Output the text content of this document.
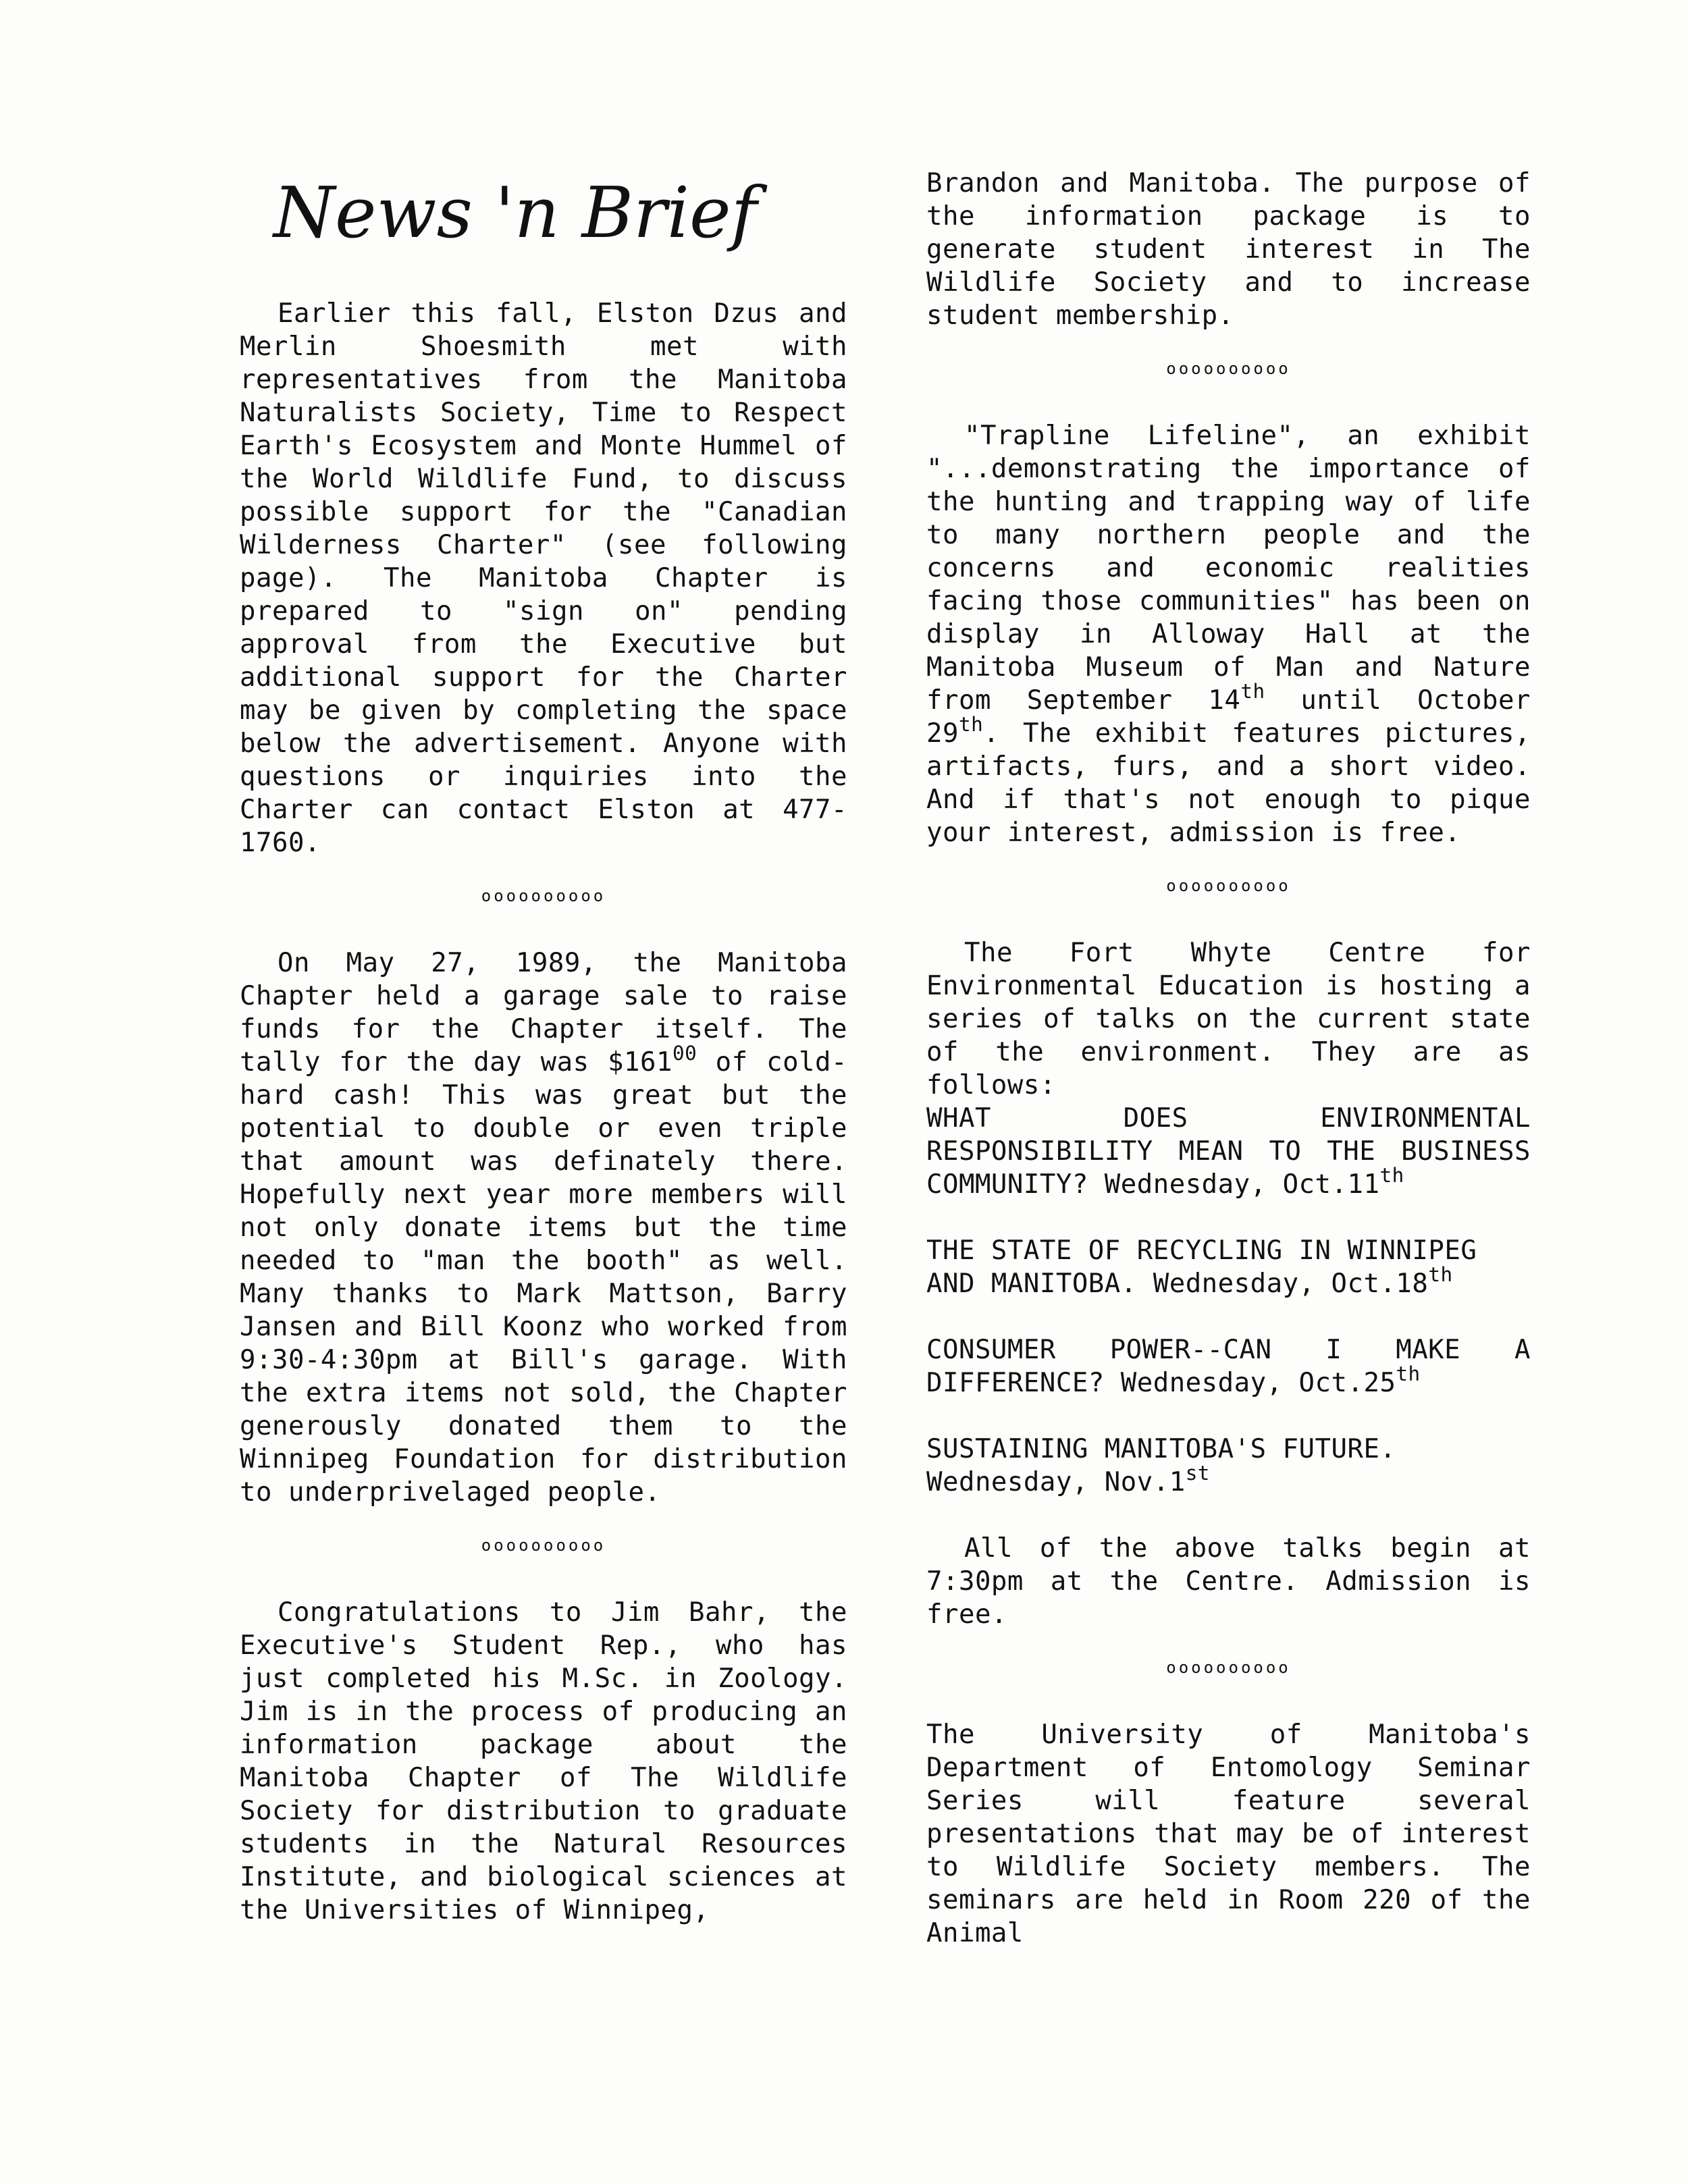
News 'n Brief

Earlier this fall, Elston Dzus and Merlin Shoesmith met with representatives from the Manitoba Naturalists Society, Time to Respect Earth's Ecosystem and Monte Hummel of the World Wildlife Fund, to discuss possible support for the "Canadian Wilderness Charter" (see following page). The Manitoba Chapter is prepared to "sign on" pending approval from the Executive but additional support for the Charter may be given by completing the space below the advertisement. Anyone with questions or inquiries into the Charter can contact Elston at 477-1760.

oooooooooo

On May 27, 1989, the Manitoba Chapter held a garage sale to raise funds for the Chapter itself. The tally for the day was $\$161^{00}$ of cold-hard cash! This was great but the potential to double or even triple that amount was definately there. Hopefully next year more members will not only donate items but the time needed to "man the booth" as well. Many thanks to Mark Mattson, Barry Jansen and Bill Koonz who worked from 9:30-4:30pm at Bill's garage. With the extra items not sold, the Chapter generously donated them to the Winnipeg Foundation for distribution to underprivelaged people.

oooooooooo

Congratulations to Jim Bahr, the Executive's Student Rep., who has just completed his M.Sc. in Zoology. Jim is in the process of producing an information package about the Manitoba Chapter of The Wildlife Society for distribution to graduate students in the Natural Resources Institute, and biological sciences at the Universities of Winnipeg,

Brandon and Manitoba. The purpose of the information package is to generate student interest in The Wildlife Society and to increase student membership.

oooooooooo

"Trapline Lifeline", an exhibit "...demonstrating the importance of the hunting and trapping way of life to many northern people and the concerns and economic realities facing those communities" has been on display in Alloway Hall at the Manitoba Museum of Man and Nature from September 14th until October 29th. The exhibit features pictures, artifacts, furs, and a short video. And if that's not enough to pique your interest, admission is free.

oooooooooo

The Fort Whyte Centre for Environmental Education is hosting a series of talks on the current state of the environment. They are as follows:

WHAT DOES ENVIRONMENTAL RESPONSIBILITY MEAN TO THE BUSINESS COMMUNITY? Wednesday, Oct.11th
THE STATE OF RECYCLING IN WINNIPEG AND MANITOBA. Wednesday, Oct.18th
CONSUMER POWER--CAN I MAKE A DIFFERENCE? Wednesday, Oct.25th
SUSTAINING MANITOBA'S FUTURE. Wednesday, Nov.1st

All of the above talks begin at 7:30pm at the Centre. Admission is free.

oooooooooo

The University of Manitoba's Department of Entomology Seminar Series will feature several presentations that may be of interest to Wildlife Society members. The seminars are held in Room 220 of the Animal
